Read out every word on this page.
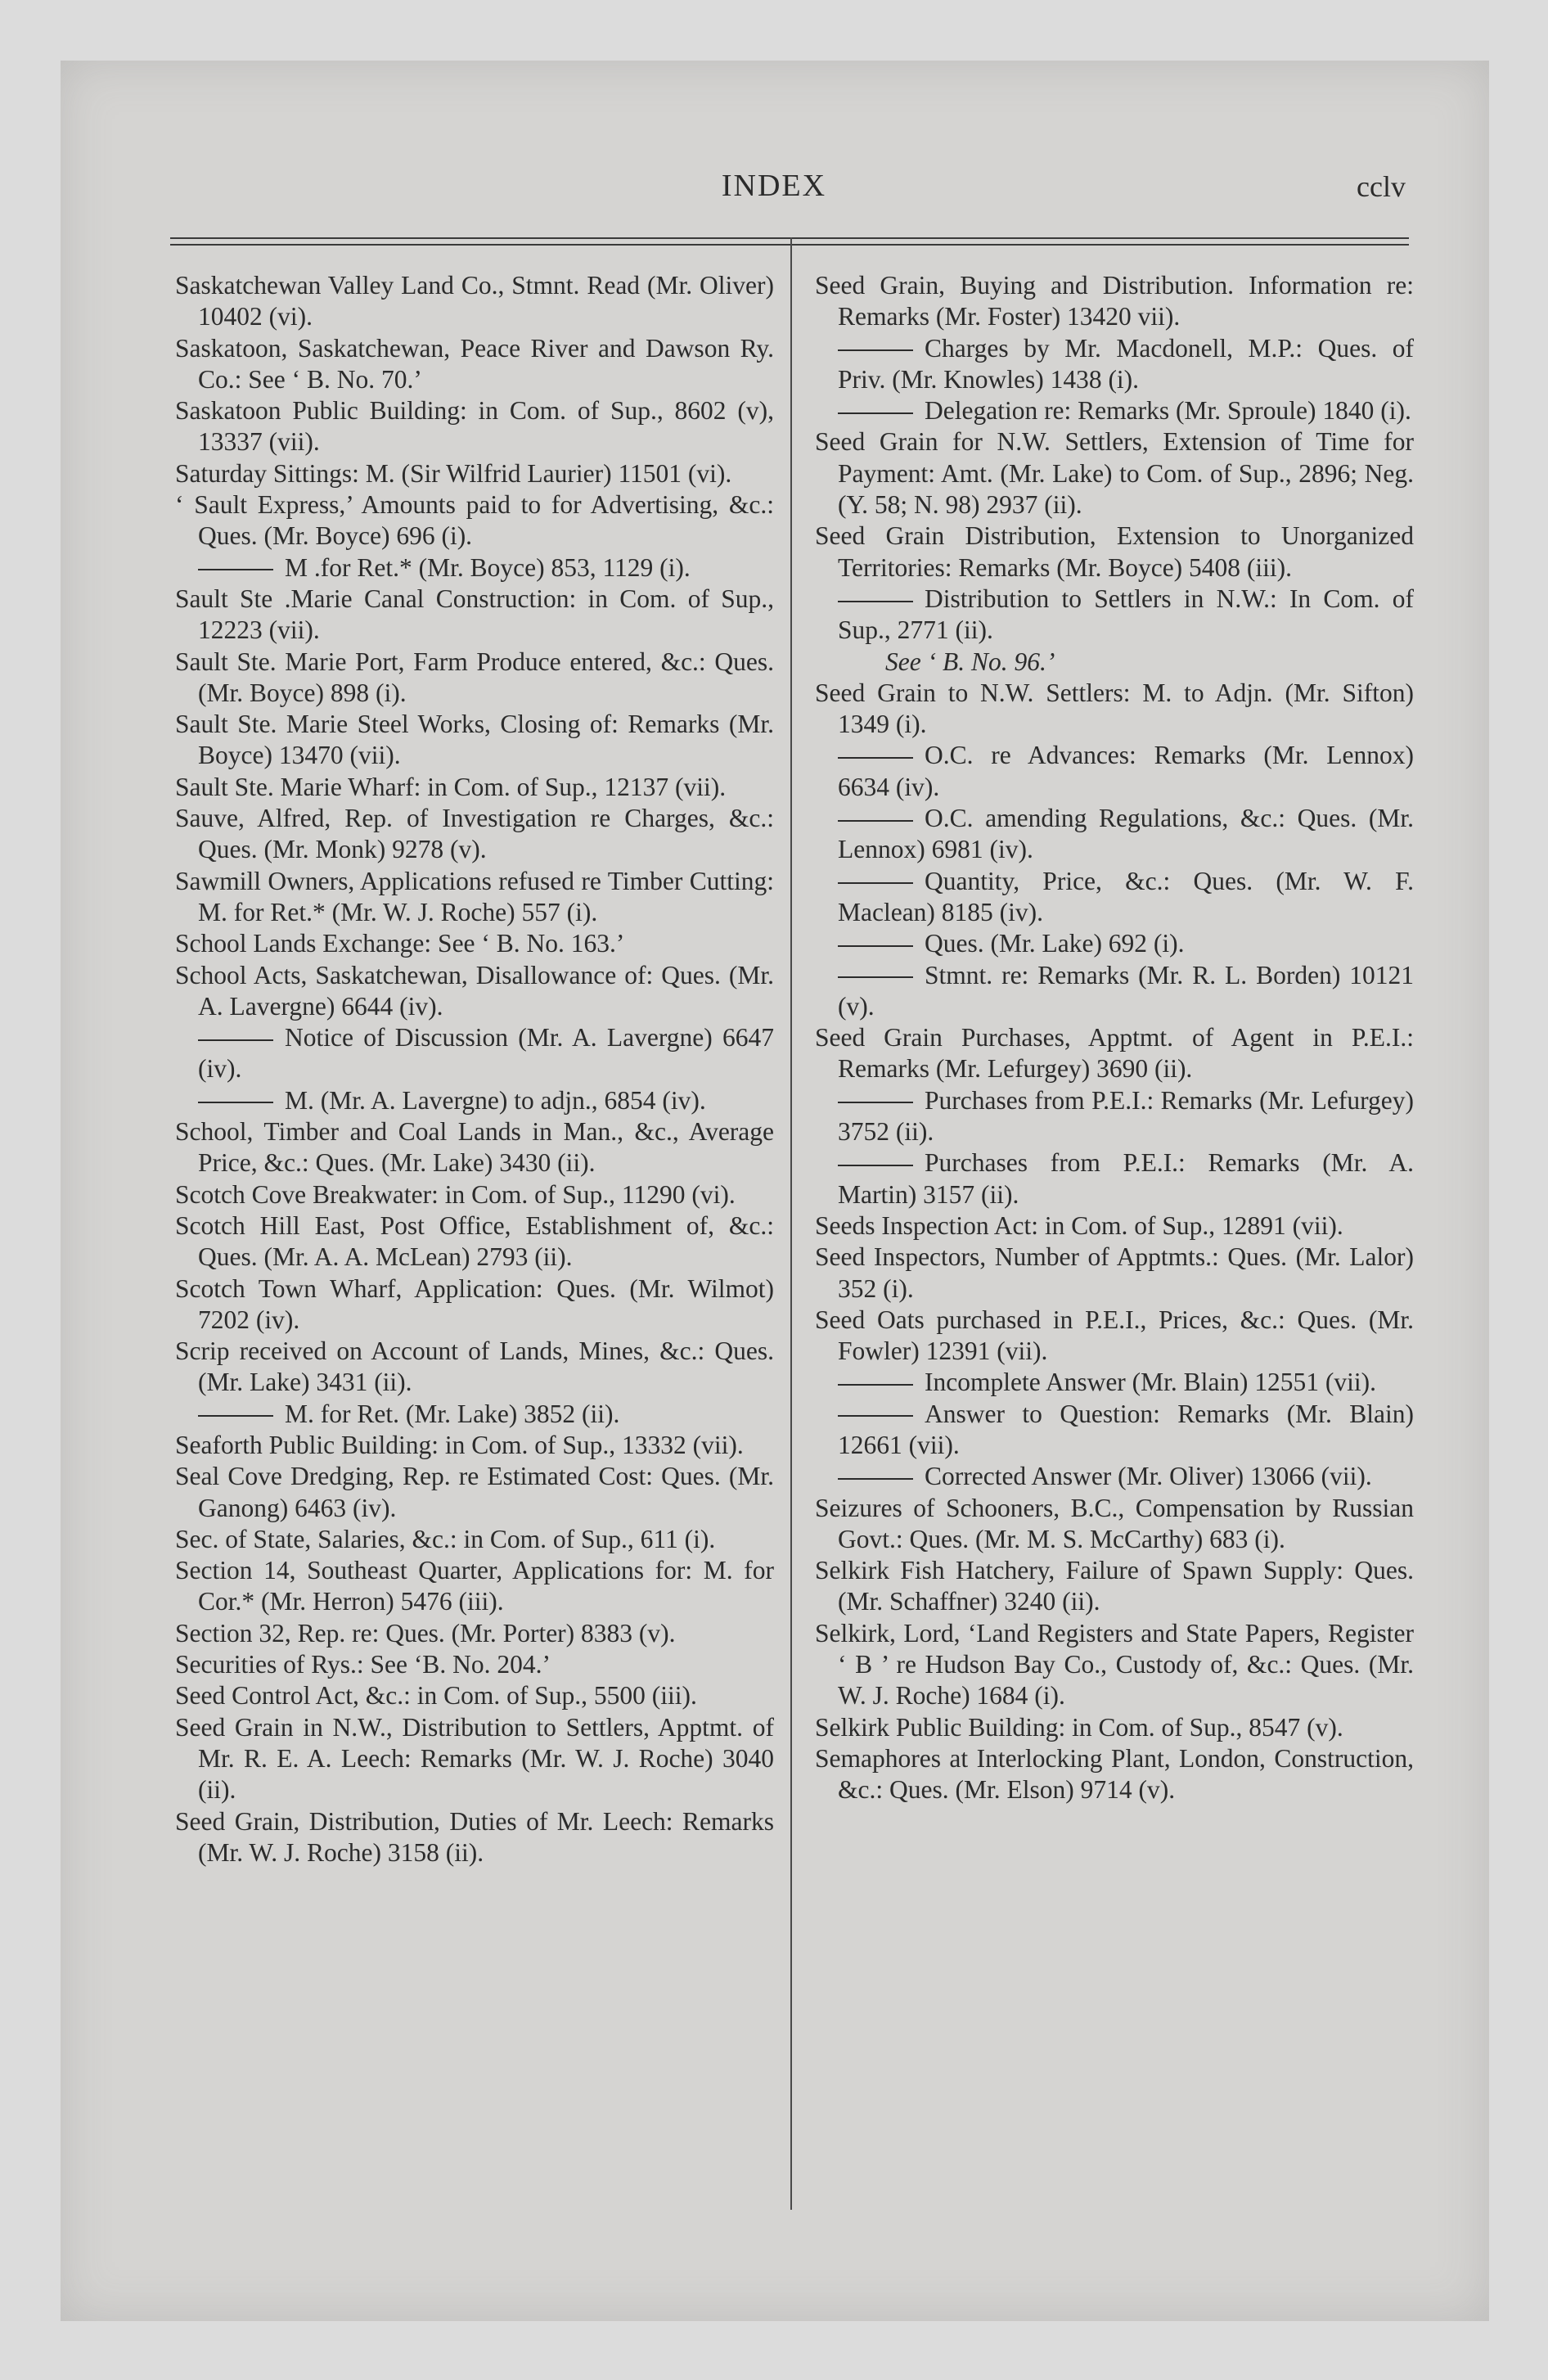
INDEX	cclv

Saskatchewan Valley Land Co., Stmnt. Read (Mr. Oliver) 10402 (vi).

Saskatoon, Saskatchewan, Peace River and Dawson Ry. Co.: See ‘ B. No. 70.’

Saskatoon Public Building: in Com. of Sup., 8602 (v), 13337 (vii).

Saturday Sittings: M. (Sir Wilfrid Laurier) 11501 (vi).

‘ Sault Express,’ Amounts paid to for Advertising, &c.: Ques. (Mr. Boyce) 696 (i).

M .for Ret.* (Mr. Boyce) 853, 1129 (i).

Sault Ste .Marie Canal Construction: in Com. of Sup., 12223 (vii).

Sault Ste. Marie Port, Farm Produce entered, &c.: Ques. (Mr. Boyce) 898 (i).

Sault Ste. Marie Steel Works, Closing of: Remarks (Mr. Boyce) 13470 (vii).

Sault Ste. Marie Wharf: in Com. of Sup., 12137 (vii).

Sauve, Alfred, Rep. of Investigation re Charges, &c.: Ques. (Mr. Monk) 9278 (v).

Sawmill Owners, Applications refused re Timber Cutting: M. for Ret.* (Mr. W. J. Roche) 557 (i).

School Lands Exchange: See ‘ B. No. 163.’

School Acts, Saskatchewan, Disallowance of: Ques. (Mr. A. Lavergne) 6644 (iv).

Notice of Discussion (Mr. A. Lavergne) 6647 (iv).

M. (Mr. A. Lavergne) to adjn., 6854 (iv).

School, Timber and Coal Lands in Man., &c., Average Price, &c.: Ques. (Mr. Lake) 3430 (ii).

Scotch Cove Breakwater: in Com. of Sup., 11290 (vi).

Scotch Hill East, Post Office, Establishment of, &c.: Ques. (Mr. A. A. McLean) 2793 (ii).

Scotch Town Wharf, Application: Ques. (Mr. Wilmot) 7202 (iv).

Scrip received on Account of Lands, Mines, &c.: Ques. (Mr. Lake) 3431 (ii).

M. for Ret. (Mr. Lake) 3852 (ii).

Seaforth Public Building: in Com. of Sup., 13332 (vii).

Seal Cove Dredging, Rep. re Estimated Cost: Ques. (Mr. Ganong) 6463 (iv).

Sec. of State, Salaries, &c.: in Com. of Sup., 611 (i).

Section 14, Southeast Quarter, Applications for: M. for Cor.* (Mr. Herron) 5476 (iii).

Section 32, Rep. re: Ques. (Mr. Porter) 8383 (v).

Securities of Rys.: See ‘B. No. 204.’

Seed Control Act, &c.: in Com. of Sup., 5500 (iii).

Seed Grain in N.W., Distribution to Settlers, Apptmt. of Mr. R. E. A. Leech: Remarks (Mr. W. J. Roche) 3040 (ii).

Seed Grain, Distribution, Duties of Mr. Leech: Remarks (Mr. W. J. Roche) 3158 (ii).

Seed Grain, Buying and Distribution. Information re: Remarks (Mr. Foster) 13420 vii).

Charges by Mr. Macdonell, M.P.: Ques. of Priv. (Mr. Knowles) 1438 (i).

Delegation re: Remarks (Mr. Sproule) 1840 (i).

Seed Grain for N.W. Settlers, Extension of Time for Payment: Amt. (Mr. Lake) to Com. of Sup., 2896; Neg. (Y. 58; N. 98) 2937 (ii).

Seed Grain Distribution, Extension to Unorganized Territories: Remarks (Mr. Boyce) 5408 (iii).

Distribution to Settlers in N.W.: In Com. of Sup., 2771 (ii).

See ‘ B. No. 96.’

Seed Grain to N.W. Settlers: M. to Adjn. (Mr. Sifton) 1349 (i).

O.C. re Advances: Remarks (Mr. Lennox) 6634 (iv).

O.C. amending Regulations, &c.: Ques. (Mr. Lennox) 6981 (iv).

Quantity, Price, &c.: Ques. (Mr. W. F. Maclean) 8185 (iv).

Ques. (Mr. Lake) 692 (i).

Stmnt. re: Remarks (Mr. R. L. Borden) 10121 (v).

Seed Grain Purchases, Apptmt. of Agent in P.E.I.: Remarks (Mr. Lefurgey) 3690 (ii).

Purchases from P.E.I.: Remarks (Mr. Lefurgey) 3752 (ii).

Purchases from P.E.I.: Remarks (Mr. A. Martin) 3157 (ii).

Seeds Inspection Act: in Com. of Sup., 12891 (vii).

Seed Inspectors, Number of Apptmts.: Ques. (Mr. Lalor) 352 (i).

Seed Oats purchased in P.E.I., Prices, &c.: Ques. (Mr. Fowler) 12391 (vii).

Incomplete Answer (Mr. Blain) 12551 (vii).

Answer to Question: Remarks (Mr. Blain) 12661 (vii).

Corrected Answer (Mr. Oliver) 13066 (vii).

Seizures of Schooners, B.C., Compensation by Russian Govt.: Ques. (Mr. M. S. McCarthy) 683 (i).

Selkirk Fish Hatchery, Failure of Spawn Supply: Ques. (Mr. Schaffner) 3240 (ii).

Selkirk, Lord, ‘Land Registers and State Papers, Register ‘ B ’ re Hudson Bay Co., Custody of, &c.: Ques. (Mr. W. J. Roche) 1684 (i).

Selkirk Public Building: in Com. of Sup., 8547 (v).

Semaphores at Interlocking Plant, London, Construction, &c.: Ques. (Mr. Elson) 9714 (v).
